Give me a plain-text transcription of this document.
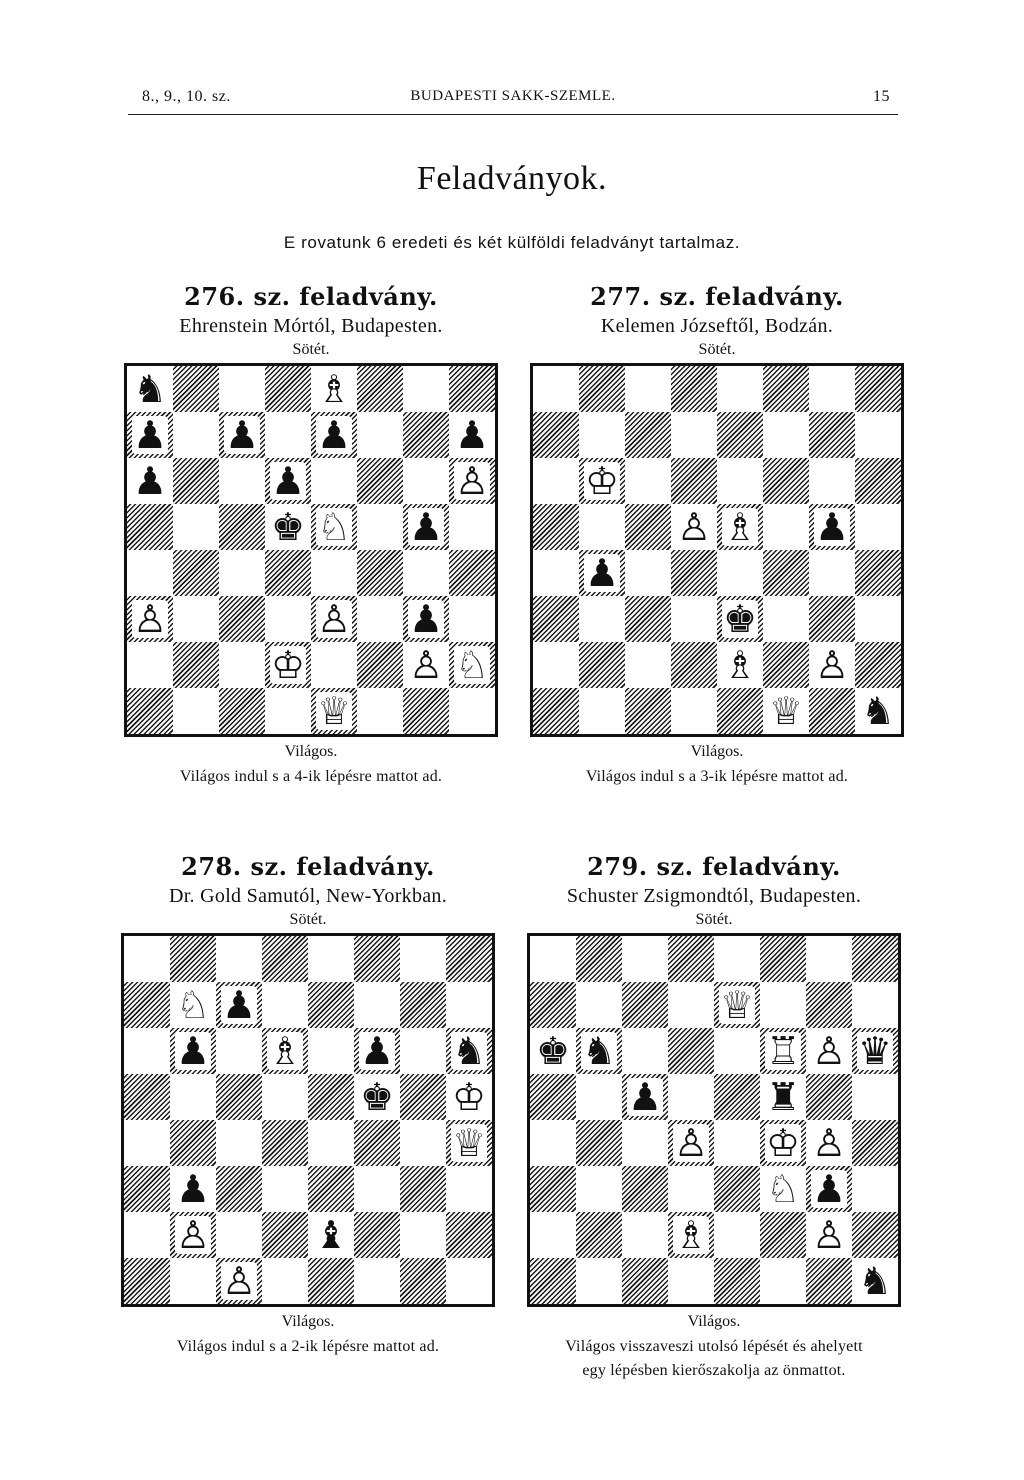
8., 9., 10. sz.	BUDAPESTI SAKK-SZEMLE.	15
Feladványok.
E rovatunk 6 eredeti és két külföldi feladványt tartalmaz.
276. sz. feladvány.
Ehrenstein Mórtól, Budapesten.
Sötét.
♞	♗
♟ ♟ ♟	♟
♟	♟	♙
♚ ♘ ♟
♙	♙ ♟
♔	♙ ♘
♕
Világos.
Világos indul s a 4-ik lépésre mattot ad.
277. sz. feladvány.
Kelemen Józseftől, Bodzán.
Sötét.
♔
♙ ♗ ♟
♟
♚
♗ ♙
♕ ♞
Világos.
Világos indul s a 3-ik lépésre mattot ad.
278. sz. feladvány.
Dr. Gold Samutól, New-Yorkban.
Sötét.
♘ ♟
♟ ♗ ♟ ♞
♚ ♔
♕
♟
♙	♝
♙
Világos.
Világos indul s a 2-ik lépésre mattot ad.
279. sz. feladvány.
Schuster Zsigmondtól, Budapesten.
Sötét.
♕
♚ ♞	♖ ♙ ♛
♟	♜
♙ ♔ ♙
♘ ♟
♗	♙
♞
Világos.
Világos visszaveszi utolsó lépését és ahelyett
egy lépésben kierőszakolja az önmattot.
